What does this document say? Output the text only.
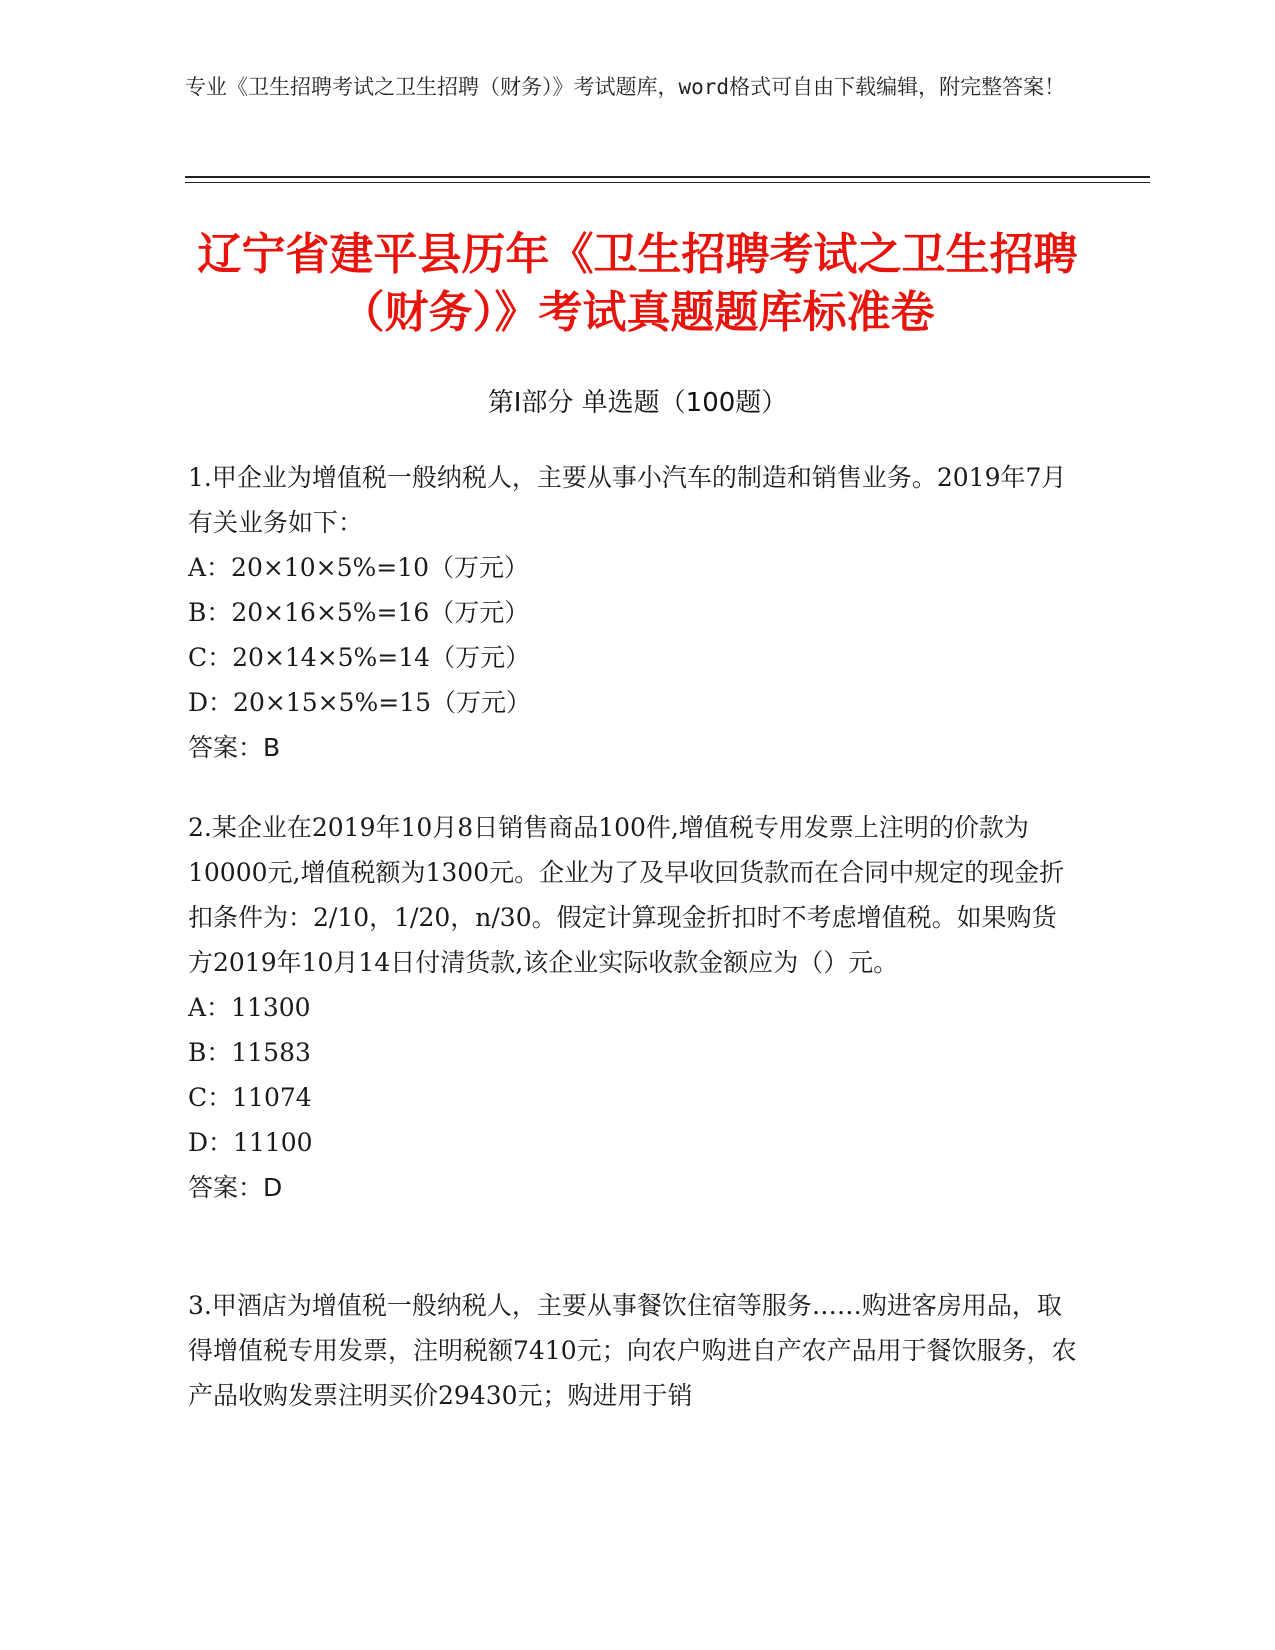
专业《卫生招聘考试之卫生招聘（财务）》考试题库，word格式可自由下载编辑，附完整答案！
辽宁省建平县历年《卫生招聘考试之卫生招聘（财务）》考试真题题库标准卷
第Ⅰ部分 单选题（100题）
1.甲企业为增值税一般纳税人，主要从事小汽车的制造和销售业务。2019年7月有关业务如下：
A：20×10×5%=10（万元）
B：20×16×5%=16（万元）
C：20×14×5%=14（万元）
D：20×15×5%=15（万元）
答案：B
2.某企业在2019年10月8日销售商品100件,增值税专用发票上注明的价款为10000元,增值税额为1300元。企业为了及早收回货款而在合同中规定的现金折扣条件为：2/10，1/20，n/30。假定计算现金折扣时不考虑增值税。如果购货方2019年10月14日付清货款,该企业实际收款金额应为（）元。
A：11300
B：11583
C：11074
D：11100
答案：D
3.甲酒店为增值税一般纳税人，主要从事餐饮住宿等服务……购进客房用品，取得增值税专用发票，注明税额7410元；向农户购进自产农产品用于餐饮服务，农产品收购发票注明买价29430元；购进用于销
